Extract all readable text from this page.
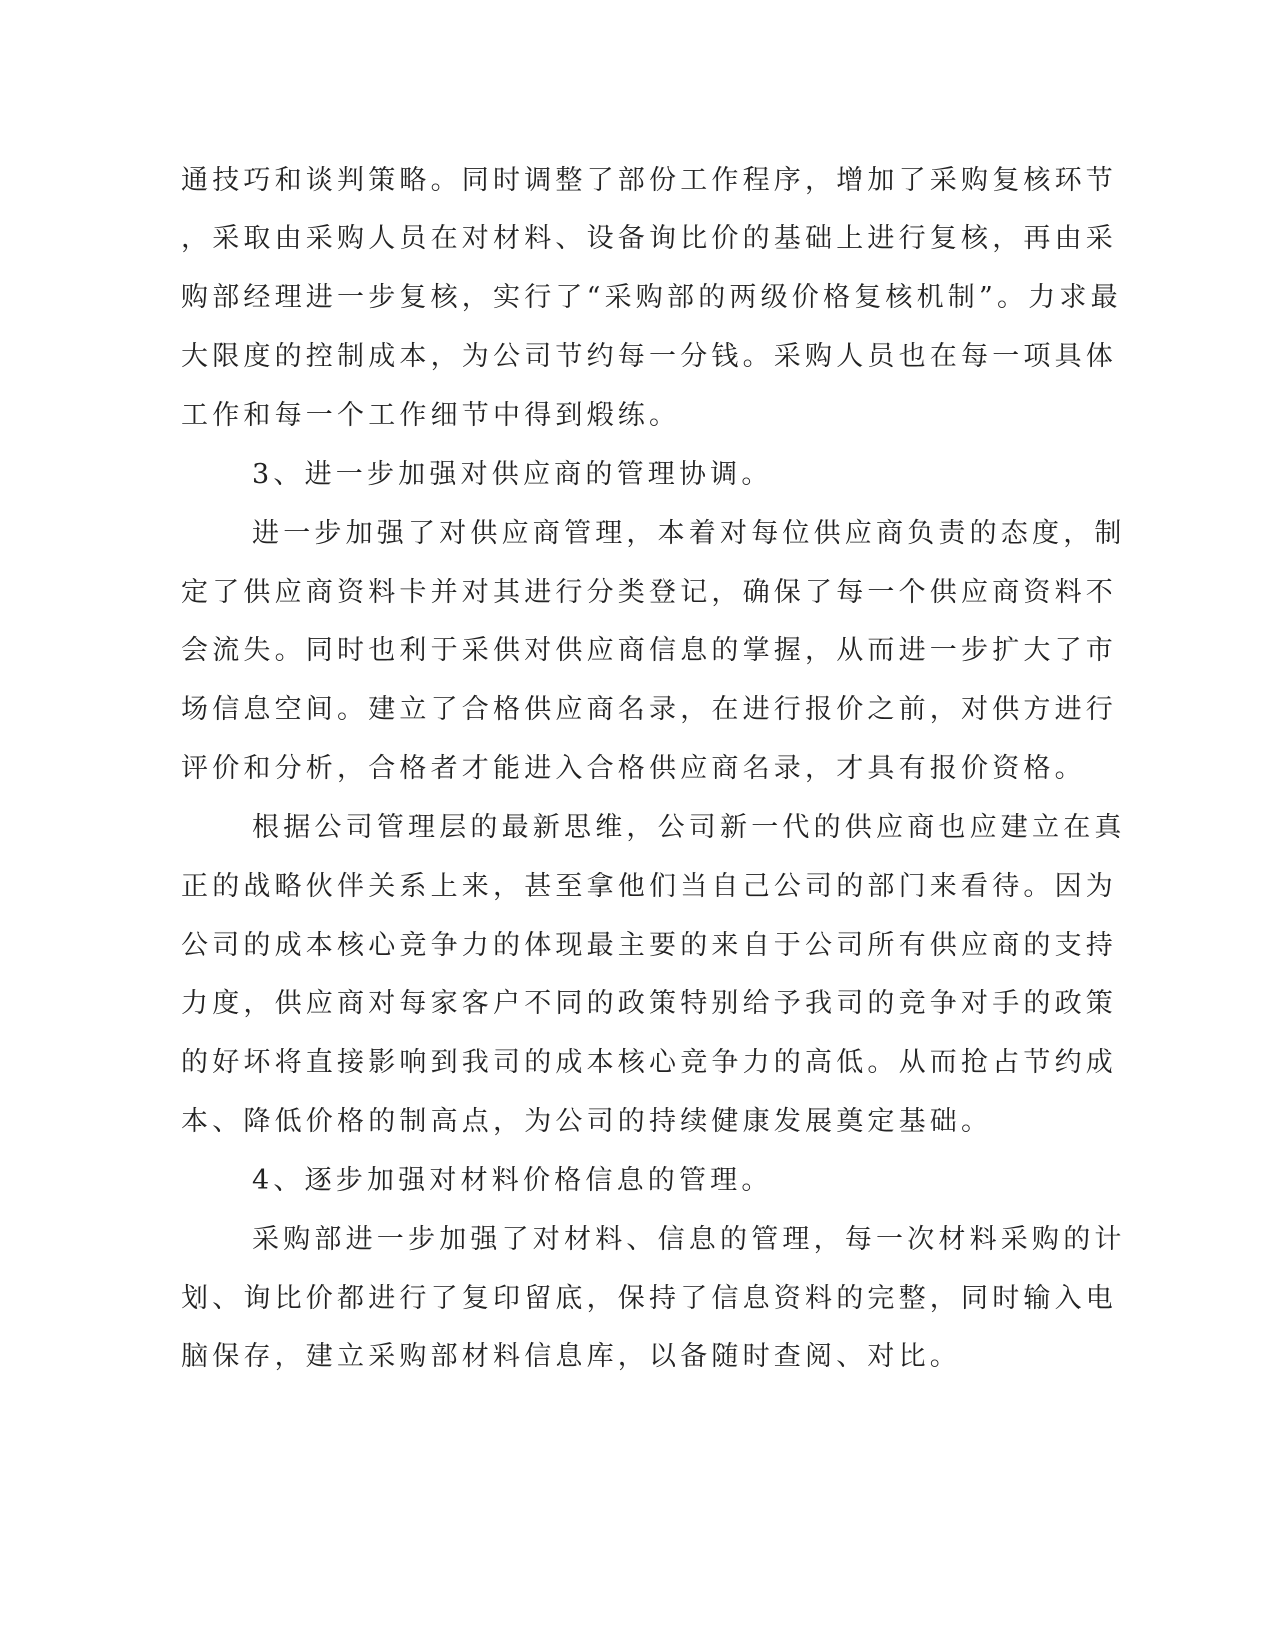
通技巧和谈判策略。同时调整了部份工作程序，增加了采购复核环节
，采取由采购人员在对材料、设备询比价的基础上进行复核，再由采
购部经理进一步复核，实行了“采购部的两级价格复核机制”。力求最
大限度的控制成本，为公司节约每一分钱。采购人员也在每一项具体
工作和每一个工作细节中得到煅练。
3、进一步加强对供应商的管理协调。
进一步加强了对供应商管理，本着对每位供应商负责的态度，制
定了供应商资料卡并对其进行分类登记，确保了每一个供应商资料不
会流失。同时也利于采供对供应商信息的掌握，从而进一步扩大了市
场信息空间。建立了合格供应商名录，在进行报价之前，对供方进行
评价和分析，合格者才能进入合格供应商名录，才具有报价资格。
根据公司管理层的最新思维，公司新一代的供应商也应建立在真
正的战略伙伴关系上来，甚至拿他们当自己公司的部门来看待。因为
公司的成本核心竞争力的体现最主要的来自于公司所有供应商的支持
力度，供应商对每家客户不同的政策特别给予我司的竞争对手的政策
的好坏将直接影响到我司的成本核心竞争力的高低。从而抢占节约成
本、降低价格的制高点，为公司的持续健康发展奠定基础。
4、逐步加强对材料价格信息的管理。
采购部进一步加强了对材料、信息的管理，每一次材料采购的计
划、询比价都进行了复印留底，保持了信息资料的完整，同时输入电
脑保存，建立采购部材料信息库，以备随时查阅、对比。
